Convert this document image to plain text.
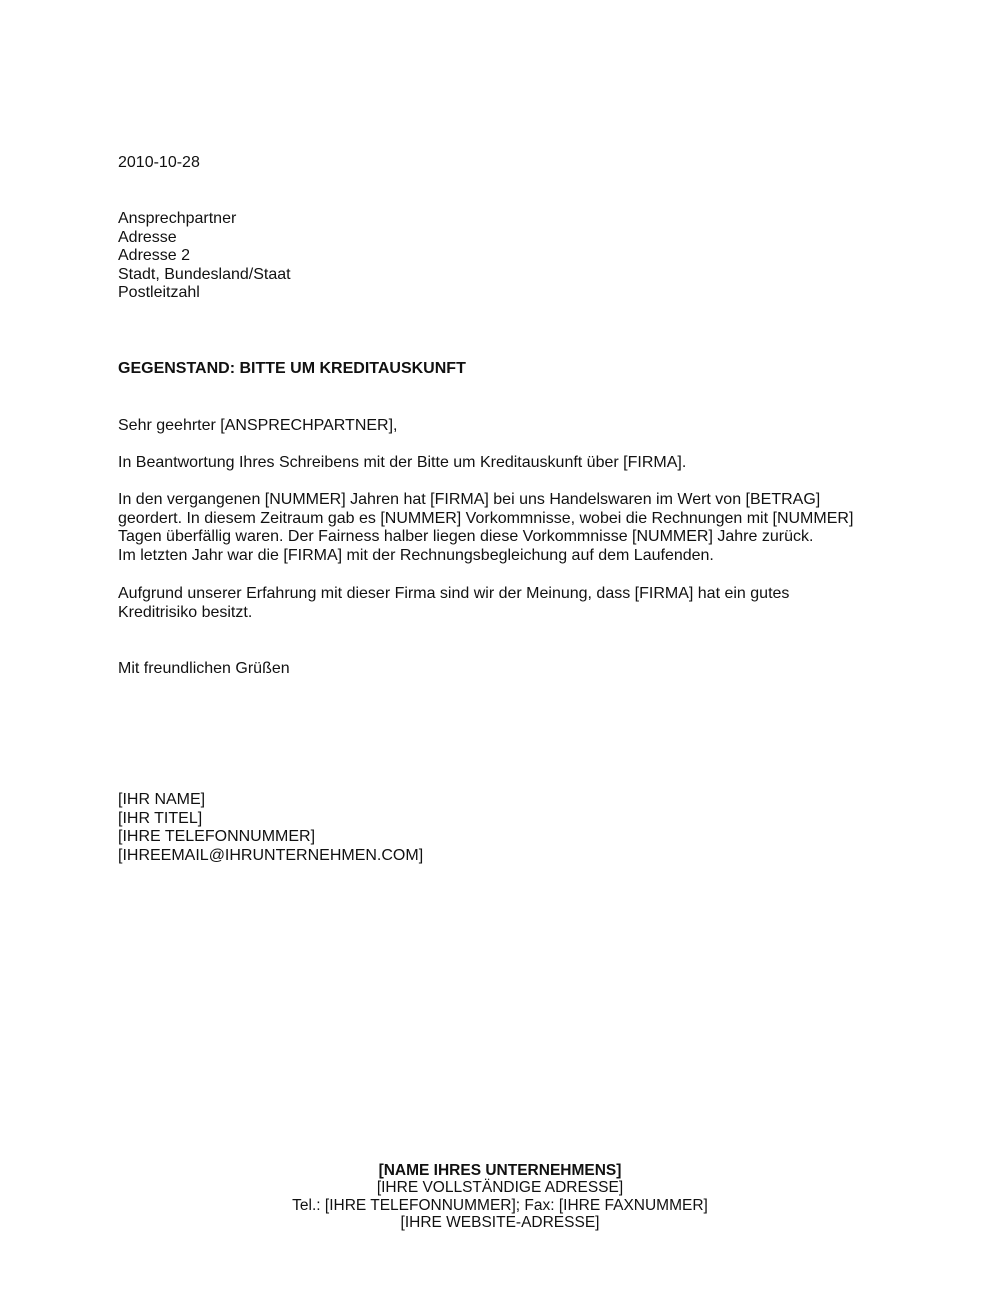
2010-10-28
Ansprechpartner
Adresse
Adresse 2
Stadt, Bundesland/Staat
Postleitzahl
GEGENSTAND: BITTE UM KREDITAUSKUNFT
Sehr geehrter [ANSPRECHPARTNER],
In Beantwortung Ihres Schreibens mit der Bitte um Kreditauskunft über [FIRMA].
In den vergangenen [NUMMER] Jahren hat [FIRMA] bei uns Handelswaren im Wert von [BETRAG]
geordert. In diesem Zeitraum gab es [NUMMER] Vorkommnisse, wobei die Rechnungen mit [NUMMER]
Tagen überfällig waren. Der Fairness halber liegen diese Vorkommnisse [NUMMER] Jahre zurück.
Im letzten Jahr war die [FIRMA] mit der Rechnungsbegleichung auf dem Laufenden.
Aufgrund unserer Erfahrung mit dieser Firma sind wir der Meinung, dass [FIRMA] hat ein gutes
Kreditrisiko besitzt.
Mit freundlichen Grüßen
[IHR NAME]
[IHR TITEL]
[IHRE TELEFONNUMMER]
[IHREEMAIL@IHRUNTERNEHMEN.COM]
[NAME IHRES UNTERNEHMENS]
[IHRE VOLLSTÄNDIGE ADRESSE]
Tel.: [IHRE TELEFONNUMMER]; Fax: [IHRE FAXNUMMER]
[IHRE WEBSITE-ADRESSE]
